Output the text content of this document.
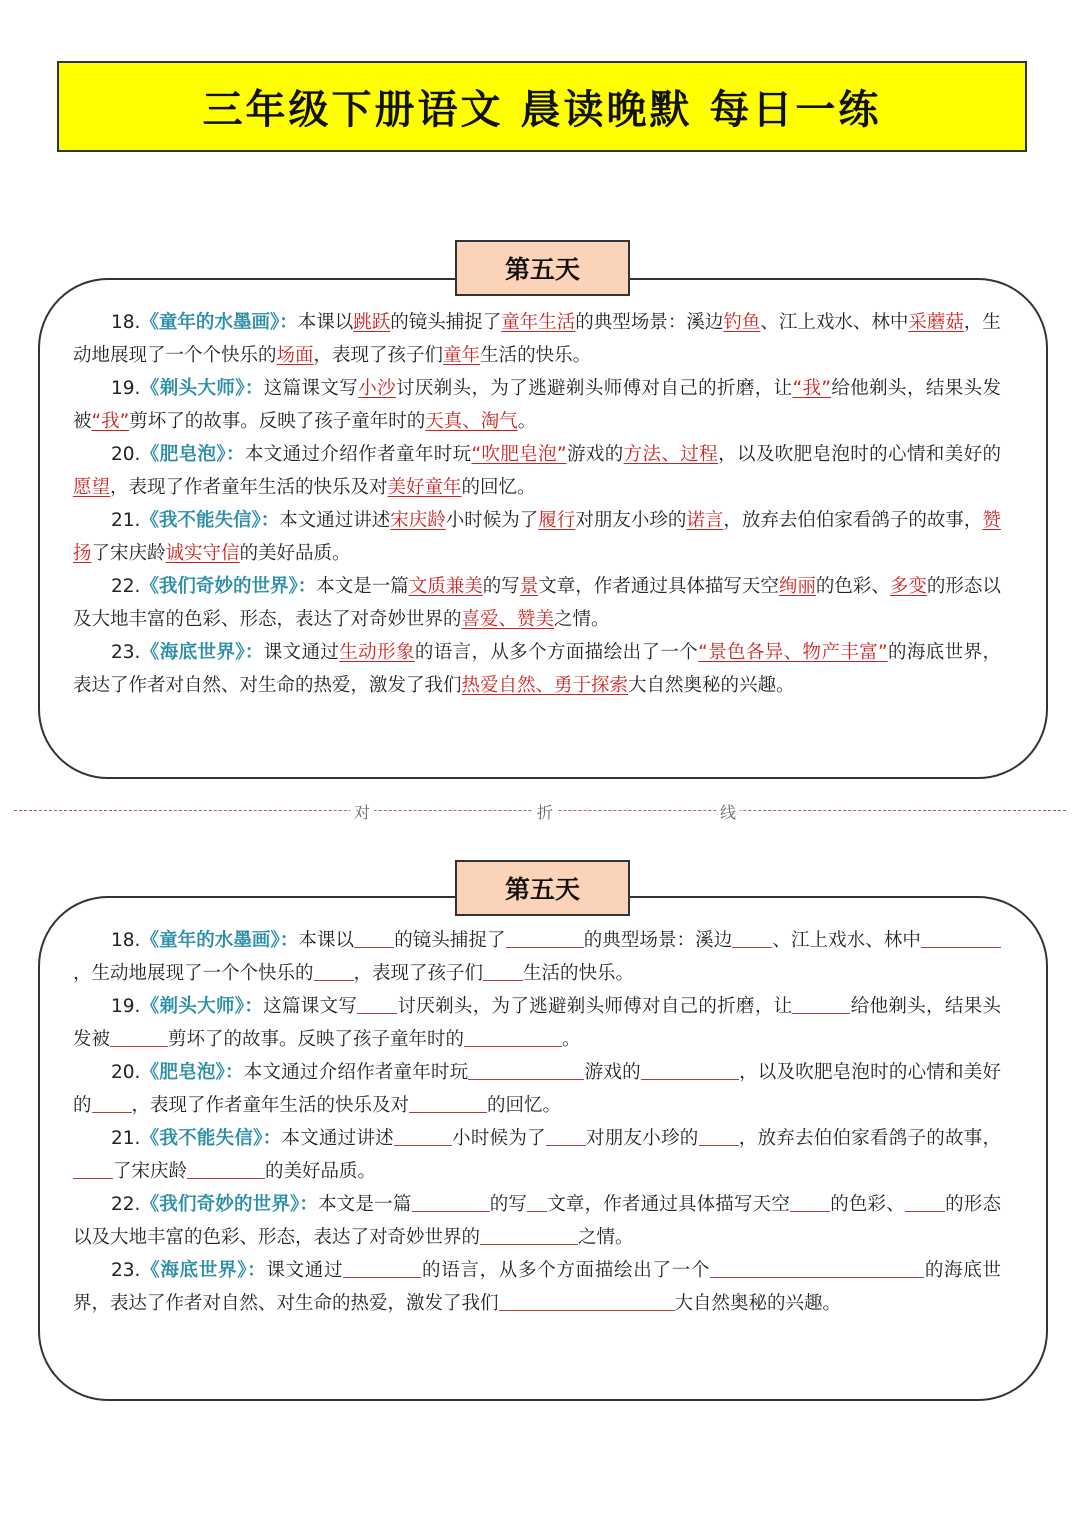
三年级下册语文 晨读晚默 每日一练

18.《童年的水墨画》：本课以跳跃的镜头捕捉了童年生活的典型场景：溪边钓鱼、江上戏水、林中采蘑菇，生动地展现了一个个快乐的场面，表现了孩子们童年生活的快乐。

19.《剃头大师》：这篇课文写小沙讨厌剃头，为了逃避剃头师傅对自己的折磨，让“我”给他剃头，结果头发被“我”剪坏了的故事。反映了孩子童年时的天真、淘气。

20.《肥皂泡》：本文通过介绍作者童年时玩“吹肥皂泡”游戏的方法、过程，以及吹肥皂泡时的心情和美好的愿望，表现了作者童年生活的快乐及对美好童年的回忆。

21.《我不能失信》：本文通过讲述宋庆龄小时候为了履行对朋友小珍的诺言，放弃去伯伯家看鸽子的故事，赞扬了宋庆龄诚实守信的美好品质。

22.《我们奇妙的世界》：本文是一篇文质兼美的写景文章，作者通过具体描写天空绚丽的色彩、多变的形态以及大地丰富的色彩、形态，表达了对奇妙世界的喜爱、赞美之情。

23.《海底世界》：课文通过生动形象的语言，从多个方面描绘出了一个“景色各异、物产丰富”的海底世界，表达了作者对自然、对生命的热爱，激发了我们热爱自然、勇于探索大自然奥秘的兴趣。

第五天
对	折	线

18.《童年的水墨画》：本课以 的镜头捕捉了	的典型场景：溪边 、江上戏水、林中，生动地展现了一个个快乐的 ，表现了孩子们 生活的快乐。

19.《剃头大师》：这篇课文写 讨厌剃头，为了逃避剃头师傅对自己的折磨，让	给他剃头，结果头发被	剪坏了的故事。反映了孩子童年时的	。

20.《肥皂泡》：本文通过介绍作者童年时玩	游戏的	，以及吹肥皂泡时的心情和美好的 ，表现了作者童年生活的快乐及对	的回忆。

21.《我不能失信》：本文通过讲述	小时候为了 对朋友小珍的 ，放弃去伯伯家看鸽子的故事，了宋庆龄	的美好品质。

22.《我们奇妙的世界》：本文是一篇	的写 文章，作者通过具体描写天空 的色彩、 的形态以及大地丰富的色彩、形态，表达了对奇妙世界的	之情。

23.《海底世界》：课文通过	的语言，从多个方面描绘出了一个	的海底世界，表达了作者对自然、对生命的热爱，激发了我们	大自然奥秘的兴趣。

第五天
